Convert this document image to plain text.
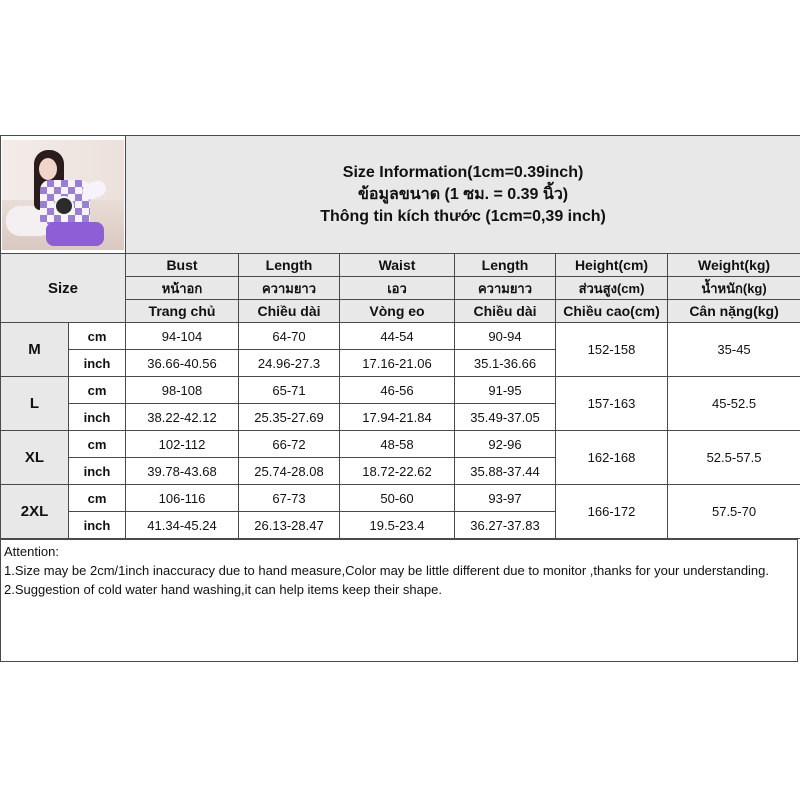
		Size Information(1cm=0.39inch)
ข้อมูลขนาด (1 ซม. = 0.39 นิ้ว)
Thông tin kích thước (1cm=0,39 inch)					

Size		Bust	Length	Waist	Length	Height(cm)	Weight(kg)
		หน้าอก	ความยาว	เอว	ความยาว	ส่วนสูง(cm)	น้ำหนัก(kg)
		Trang chủ	Chiều dài	Vòng eo	Chiều dài	Chiều cao(cm)	Cân nặng(kg)
M	cm	94-104	64-70	44-54	90-94	152-158	35-45
	inch	36.66-40.56	24.96-27.3	17.16-21.06	35.1-36.66		
L	cm	98-108	65-71	46-56	91-95	157-163	45-52.5
	inch	38.22-42.12	25.35-27.69	17.94-21.84	35.49-37.05		
XL	cm	102-112	66-72	48-58	92-96	162-168	52.5-57.5
	inch	39.78-43.68	25.74-28.08	18.72-22.62	35.88-37.44		
2XL	cm	106-116	67-73	50-60	93-97	166-172	57.5-70
	inch	41.34-45.24	26.13-28.47	19.5-23.4	36.27-37.83		
Attention:
1.Size may be 2cm/1inch inaccuracy due to hand measure,Color may be little different due to monitor ,thanks for your understanding.
2.Suggestion of cold water hand washing,it can help items keep their shape.
